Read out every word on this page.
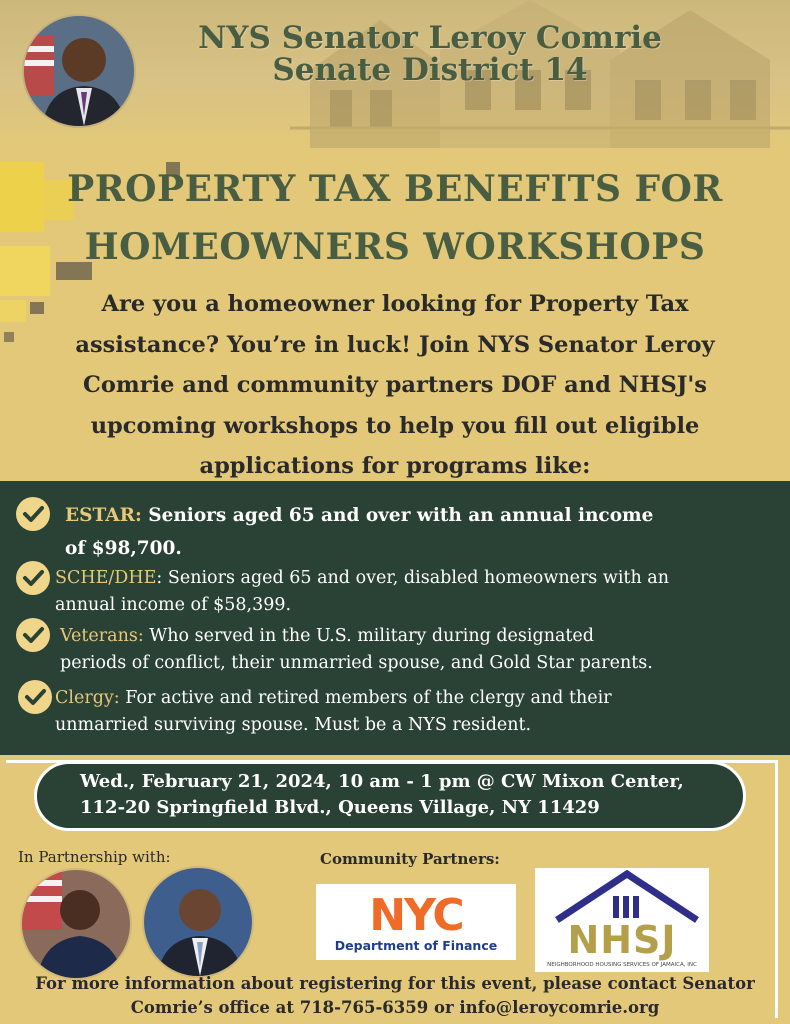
NYS Senator Leroy Comrie
Senate District 14
PROPERTY TAX BENEFITS FOR
HOMEOWNERS WORKSHOPS
Are you a homeowner looking for Property Tax
assistance? You’re in luck! Join NYS Senator Leroy
Comrie and community partners DOF and NHSJ's
upcoming workshops to help you fill out eligible
applications for programs like:
ESTAR: Seniors aged 65 and over with an annual income
of $98,700.
SCHE/DHE: Seniors aged 65 and over, disabled homeowners with an
annual income of $58,399.
Veterans: Who served in the U.S. military during designated
periods of conflict, their unmarried spouse, and Gold Star parents.
Clergy: For active and retired members of the clergy and their
unmarried surviving spouse. Must be a NYS resident.
Wed., February 21, 2024, 10 am - 1 pm @ CW Mixon Center,
112-20 Springfield Blvd., Queens Village, NY 11429
In Partnership with:	Community Partners:
NYC
Department of Finance	NHSJ
NEIGHBORHOOD HOUSING SERVICES OF JAMAICA, INC
For more information about registering for this event, please contact Senator
Comrie’s office at 718-765-6359 or info@leroycomrie.org
